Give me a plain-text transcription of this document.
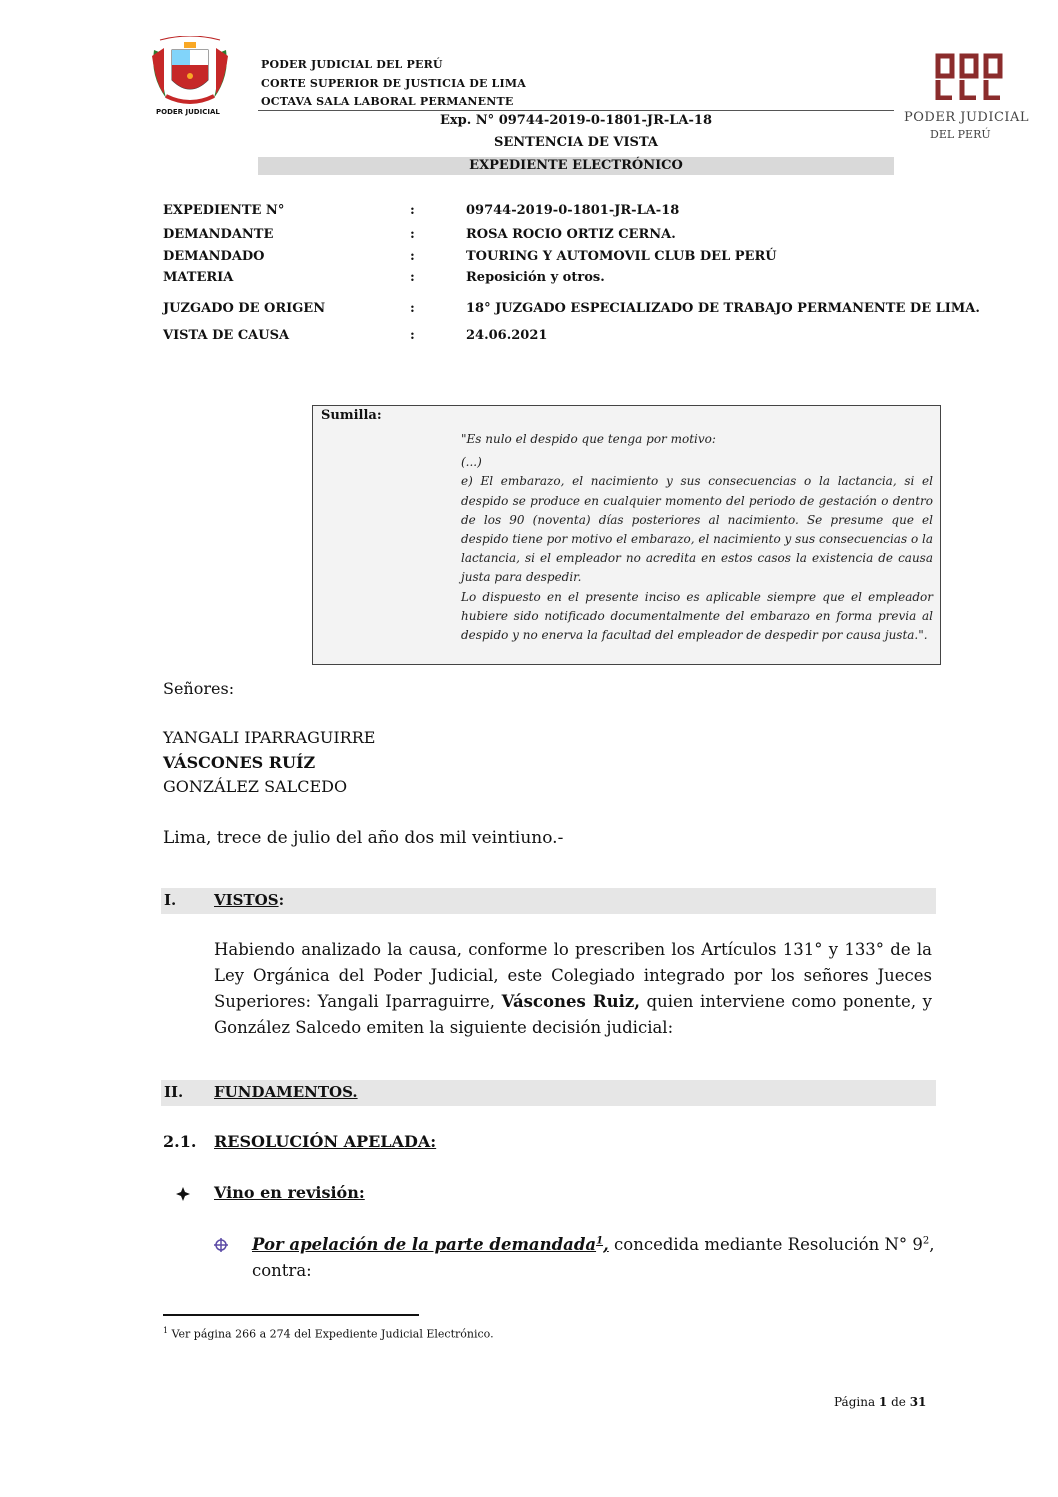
PODER JUDICIAL
PODER JUDICIAL DEL PERÚ
CORTE SUPERIOR DE JUSTICIA DE LIMA
OCTAVA SALA LABORAL PERMANENTE
PODER JUDICIAL
DEL PERÚ
Exp. N° 09744-2019-0-1801-JR-LA-18
SENTENCIA DE VISTA
EXPEDIENTE ELECTRÓNICO
EXPEDIENTE N°	:	09744-2019-0-1801-JR-LA-18
DEMANDANTE	:	ROSA ROCIO ORTIZ CERNA.
DEMANDADO	:	TOURING Y AUTOMOVIL CLUB DEL PERÚ
MATERIA	:	Reposición y otros.
JUZGADO DE ORIGEN	:	18° JUZGADO ESPECIALIZADO DE TRABAJO PERMANENTE DE LIMA.
VISTA DE CAUSA	:	24.06.2021
Sumilla:

"Es nulo el despido que tenga por motivo:

(...)

e) El embarazo, el nacimiento y sus consecuencias o la lactancia, si el despido se produce en cualquier momento del periodo de gestación o dentro de los 90 (noventa) días posteriores al nacimiento. Se presume que el despido tiene por motivo el embarazo, el nacimiento y sus consecuencias o la lactancia, si el empleador no acredita en estos casos la existencia de causa justa para despedir.

Lo dispuesto en el presente inciso es aplicable siempre que el empleador hubiere sido notificado documentalmente del embarazo en forma previa al despido y no enerva la facultad del empleador de despedir por causa justa.".

Señores:
YANGALI IPARRAGUIRRE
VÁSCONES RUÍZ
GONZÁLEZ SALCEDO
Lima, trece de julio del año dos mil veintiuno.-
I.	VISTOS:
Habiendo analizado la causa, conforme lo prescriben los Artículos 131° y 133° de la Ley Orgánica del Poder Judicial, este Colegiado integrado por los señores Jueces Superiores: Yangali Iparraguirre, Váscones Ruiz, quien interviene como ponente, y González Salcedo emiten la siguiente decisión judicial:
II. FUNDAMENTOS.
2.1. RESOLUCIÓN APELADA:
Vino en revisión:
Por apelación de la parte demandada$^1$, concedida mediante Resolución N° $9^2$,
contra:
$^1$ Ver página 266 a 274 del Expediente Judicial Electrónico.
Página 1 de 31
